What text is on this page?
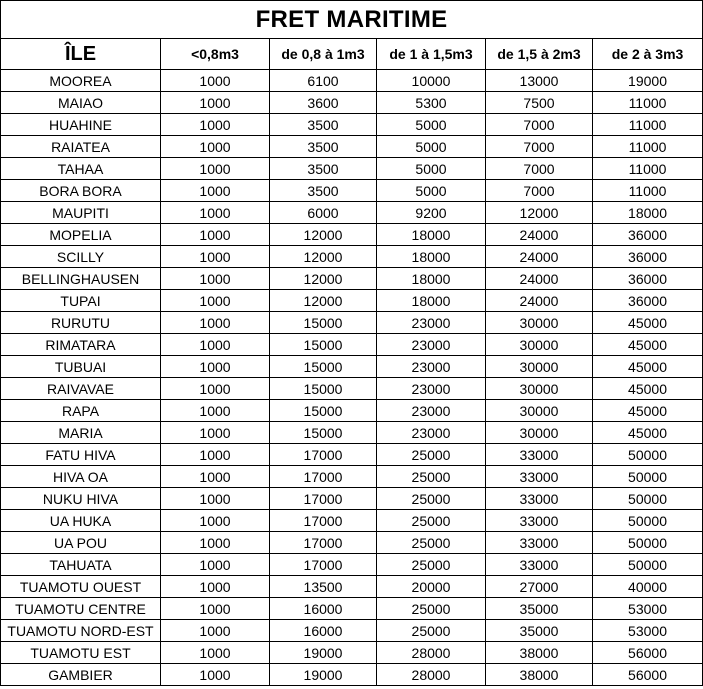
FRET MARITIME					
ÎLE	<0,8m3	de 0,8 à 1m3	de 1 à 1,5m3	de 1,5 à 2m3	de 2 à 3m3
MOOREA	1000	6100	10000	13000	19000
MAIAO	1000	3600	5300	7500	11000
HUAHINE	1000	3500	5000	7000	11000
RAIATEA	1000	3500	5000	7000	11000
TAHAA	1000	3500	5000	7000	11000
BORA BORA	1000	3500	5000	7000	11000
MAUPITI	1000	6000	9200	12000	18000
MOPELIA	1000	12000	18000	24000	36000
SCILLY	1000	12000	18000	24000	36000
BELLINGHAUSEN	1000	12000	18000	24000	36000
TUPAI	1000	12000	18000	24000	36000
RURUTU	1000	15000	23000	30000	45000
RIMATARA	1000	15000	23000	30000	45000
TUBUAI	1000	15000	23000	30000	45000
RAIVAVAE	1000	15000	23000	30000	45000
RAPA	1000	15000	23000	30000	45000
MARIA	1000	15000	23000	30000	45000
FATU HIVA	1000	17000	25000	33000	50000
HIVA OA	1000	17000	25000	33000	50000
NUKU HIVA	1000	17000	25000	33000	50000
UA HUKA	1000	17000	25000	33000	50000
UA POU	1000	17000	25000	33000	50000
TAHUATA	1000	17000	25000	33000	50000
TUAMOTU OUEST	1000	13500	20000	27000	40000
TUAMOTU CENTRE	1000	16000	25000	35000	53000
TUAMOTU NORD-EST	1000	16000	25000	35000	53000
TUAMOTU EST	1000	19000	28000	38000	56000
GAMBIER	1000	19000	28000	38000	56000
